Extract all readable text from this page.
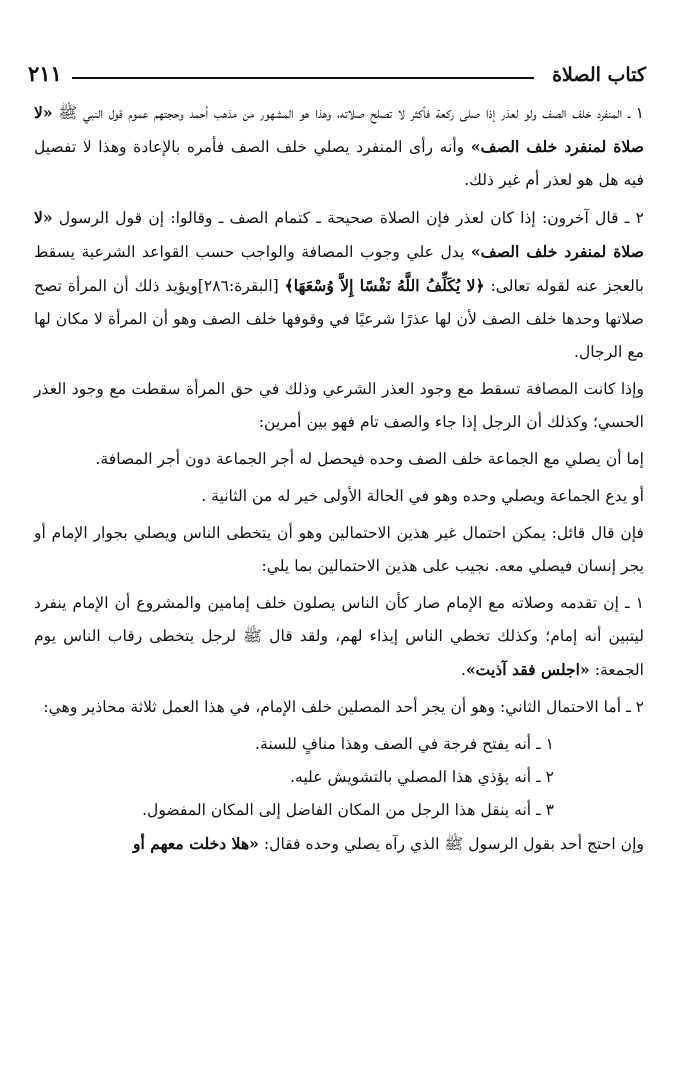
كتاب الصلاة
٢١١

١ ـ المنفرد خلف الصف ولو لعذر إذا صلى ركعة فأكثر لا تصلح صلاته، وهذا هو المشهور من مذهب أحمد وحجتهم عموم قول النبي ﷺ «لا صلاة لمنفرد خلف الصف» وأنه رأى المنفرد يصلي خلف الصف فأمره بالإعادة وهذا لا تفصيل فيه هل هو لعذر أم غير ذلك.

٢ ـ قال آخرون: إذا كان لعذر فإن الصلاة صحيحة ـ كتمام الصف ـ وقالوا: إن قول الرسول «لا صلاة لمنفرد خلف الصف» يدل علي وجوب المصافة والواجب حسب القواعد الشرعية يسقط بالعجز عنه لقوله تعالى: ﴿لا يُكَلِّفُ اللَّهُ نَفْسًا إِلاَّ وُسْعَهَا﴾ [البقرة:٢٨٦]ويؤيد ذلك أن المرأة تصح صلاتها وحدها خلف الصف لأن لها عذرًا شرعيًا في وقوفها خلف الصف وهو أن المرأة لا مكان لها مع الرجال.

وإذا كانت المصافة تسقط مع وجود العذر الشرعي وذلك في حق المرأة سقطت مع وجود العذر الحسي؛ وكذلك أن الرجل إذا جاء والصف تام فهو بين أمرين:

إما أن يصلي مع الجماعة خلف الصف وحده فيحصل له أجر الجماعة دون أجر المصافة.

أو يدع الجماعة ويصلي وحده وهو في الحالة الأولى خير له من الثانية .

فإن قال قائل: يمكن احتمال غير هذين الاحتمالين وهو أن يتخطى الناس ويصلي بجوار الإمام أو يجر إنسان فيصلي معه. نجيب على هذين الاحتمالين بما يلي:

١ ـ إن تقدمه وصلاته مع الإمام صار كأن الناس يصلون خلف إمامين والمشروع أن الإمام ينفرد ليتبين أنه إمام؛ وكذلك تخطي الناس إيذاء لهم، ولقد قال ﷺ لرجل يتخطى رقاب الناس يوم الجمعة: «اجلس فقد آذيت».

٢ ـ أما الاحتمال الثاني: وهو أن يجر أحد المصلين خلف الإمام، في هذا العمل ثلاثة محاذير وهي:

١ ـ أنه يفتح فرجة في الصف وهذا منافٍ للسنة.

٢ ـ أنه يؤذي هذا المصلي بالتشويش عليه.

٣ ـ أنه ينقل هذا الرجل من المكان الفاضل إلى المكان المفضول.

وإن احتج أحد بقول الرسول ﷺ الذي رآه يصلي وحده فقال: «هلا دخلت معهم أو
